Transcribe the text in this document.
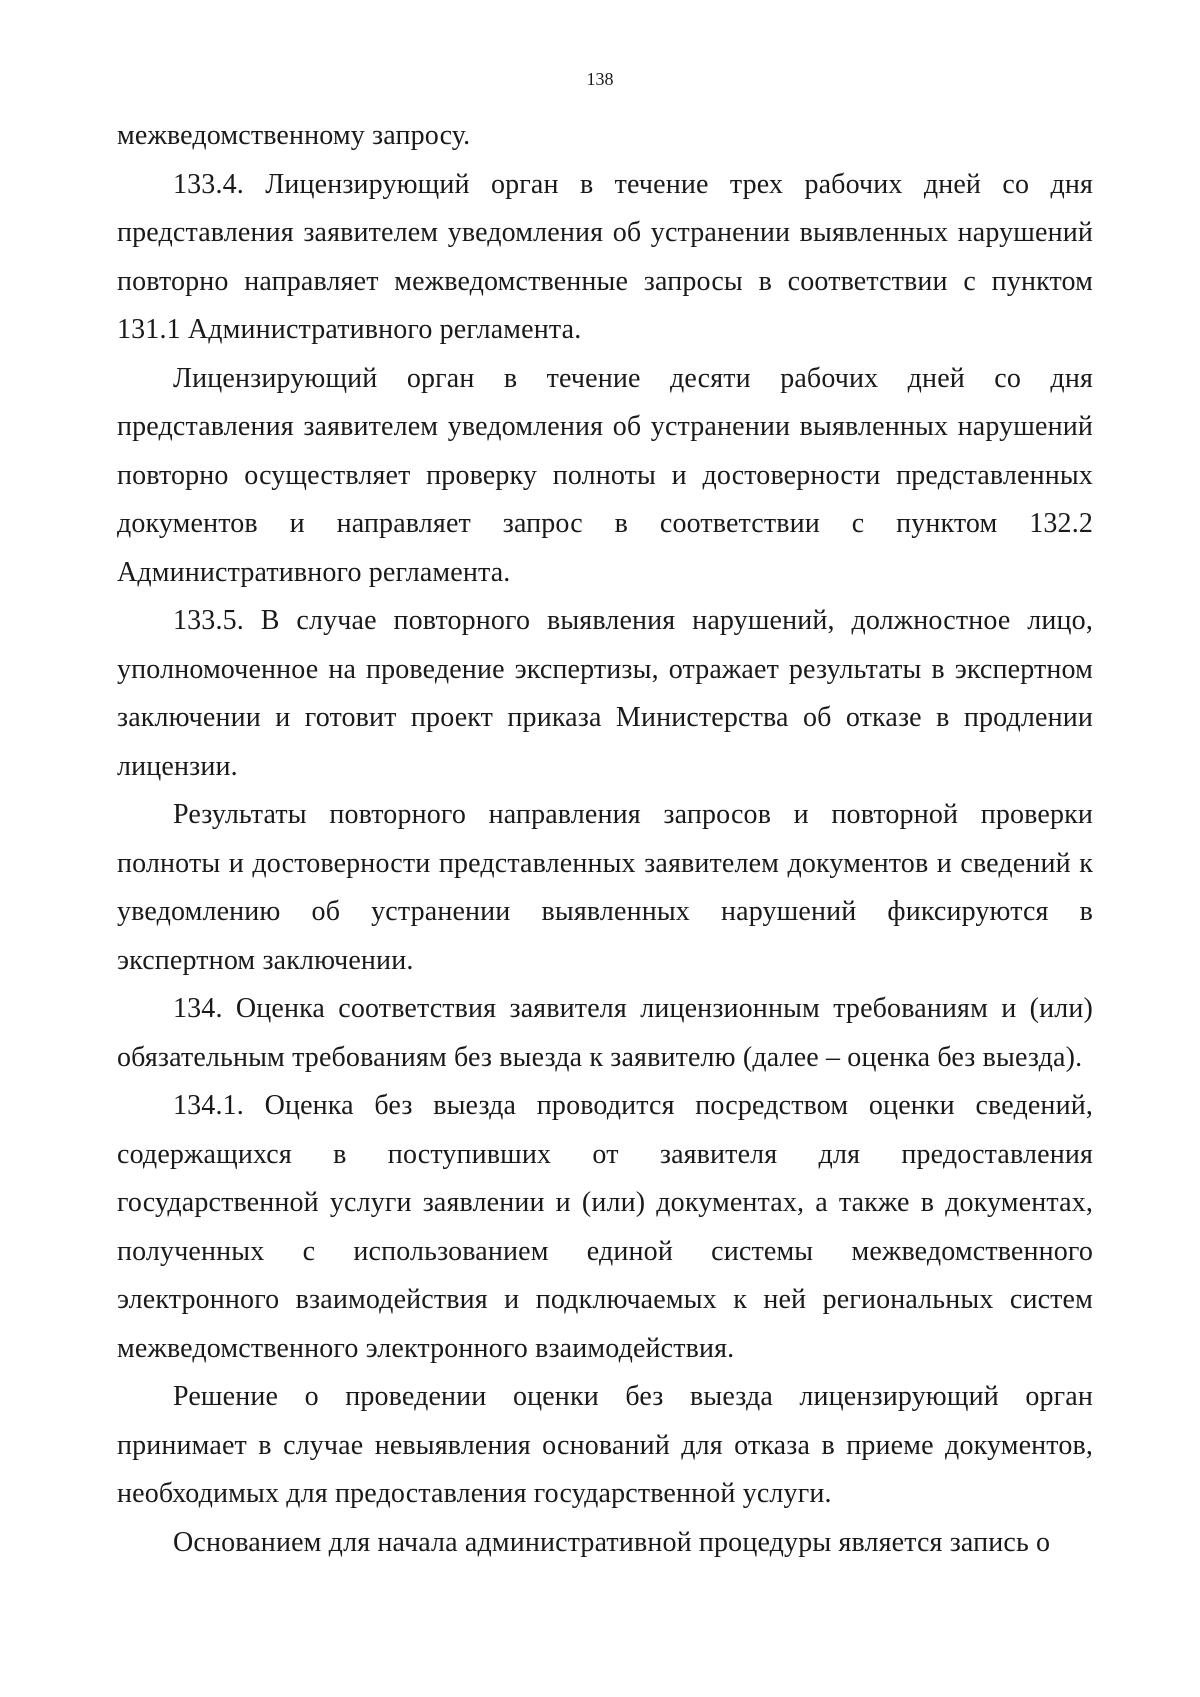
138

межведомственному запросу.

133.4. Лицензирующий орган в течение трех рабочих дней со дня представления заявителем уведомления об устранении выявленных нарушений повторно направляет межведомственные запросы в соответствии с пунктом 131.1 Административного регламента.

Лицензирующий орган в течение десяти рабочих дней со дня представления заявителем уведомления об устранении выявленных нарушений повторно осуществляет проверку полноты и достоверности представленных документов и направляет запрос в соответствии с пунктом 132.2 Административного регламента.

133.5. В случае повторного выявления нарушений, должностное лицо, уполномоченное на проведение экспертизы, отражает результаты в экспертном заключении и готовит проект приказа Министерства об отказе в продлении лицензии.

Результаты повторного направления запросов и повторной проверки полноты и достоверности представленных заявителем документов и сведений к уведомлению об устранении выявленных нарушений фиксируются в экспертном заключении.

134. Оценка соответствия заявителя лицензионным требованиям и (или) обязательным требованиям без выезда к заявителю (далее – оценка без выезда).

134.1. Оценка без выезда проводится посредством оценки сведений, содержащихся в поступивших от заявителя для предоставления государственной услуги заявлении и (или) документах, а также в документах, полученных с использованием единой системы межведомственного электронного взаимодействия и подключаемых к ней региональных систем межведомственного электронного взаимодействия.

Решение о проведении оценки без выезда лицензирующий орган принимает в случае невыявления оснований для отказа в приеме документов, необходимых для предоставления государственной услуги.

Основанием для начала административной процедуры является запись о
